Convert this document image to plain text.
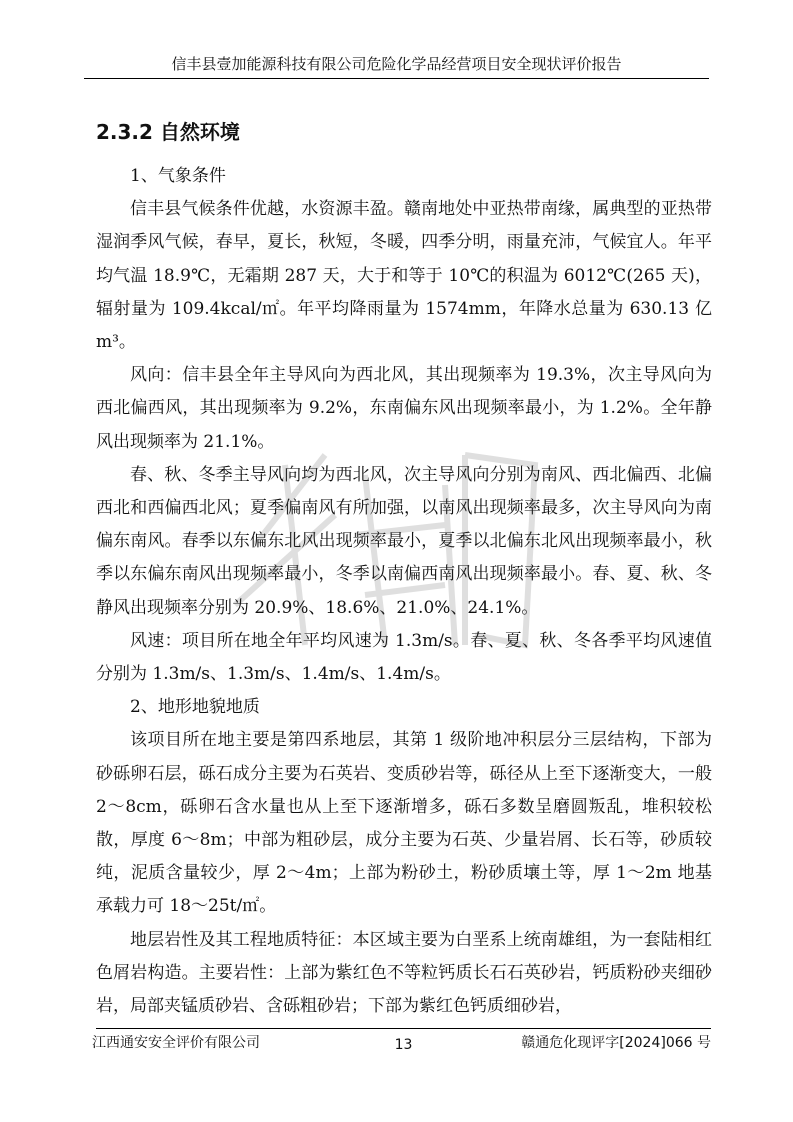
信丰县壹加能源科技有限公司危险化学品经营项目安全现状评价报告
2.3.2 自然环境

1、气象条件

信丰县气候条件优越，水资源丰盈。赣南地处中亚热带南缘，属典型的亚热带湿润季风气候，春早，夏长，秋短，冬暖，四季分明，雨量充沛，气候宜人。年平均气温 18.9℃，无霜期 287 天，大于和等于 10℃的积温为 6012℃(265 天)，辐射量为 109.4kcal/㎡。年平均降雨量为 1574mm，年降水总量为 630.13 亿 m³。

风向：信丰县全年主导风向为西北风，其出现频率为 19.3%，次主导风向为西北偏西风，其出现频率为 9.2%，东南偏东风出现频率最小，为 1.2%。全年静风出现频率为 21.1%。

春、秋、冬季主导风向均为西北风，次主导风向分别为南风、西北偏西、北偏西北和西偏西北风；夏季偏南风有所加强，以南风出现频率最多，次主导风向为南偏东南风。春季以东偏东北风出现频率最小，夏季以北偏东北风出现频率最小，秋季以东偏东南风出现频率最小，冬季以南偏西南风出现频率最小。春、夏、秋、冬静风出现频率分别为 20.9%、18.6%、21.0%、24.1%。

风速：项目所在地全年平均风速为 1.3m/s。春、夏、秋、冬各季平均风速值分别为 1.3m/s、1.3m/s、1.4m/s、1.4m/s。

2、地形地貌地质

该项目所在地主要是第四系地层，其第 1 级阶地冲积层分三层结构，下部为砂砾卵石层，砾石成分主要为石英岩、变质砂岩等，砾径从上至下逐渐变大，一般 2～8cm，砾卵石含水量也从上至下逐渐增多，砾石多数呈磨圆叛乱，堆积较松散，厚度 6～8m；中部为粗砂层，成分主要为石英、少量岩屑、长石等，砂质较纯，泥质含量较少，厚 2～4m；上部为粉砂土，粉砂质壤土等，厚 1～2m 地基承载力可 18～25t/㎡。

地层岩性及其工程地质特征：本区域主要为白垩系上统南雄组，为一套陆相红色屑岩构造。主要岩性：上部为紫红色不等粒钙质长石石英砂岩，钙质粉砂夹细砂岩，局部夹锰质砂岩、含砾粗砂岩；下部为紫红色钙质细砂岩，

江西通安安全评价有限公司	13	赣通危化现评字[2024]066 号
